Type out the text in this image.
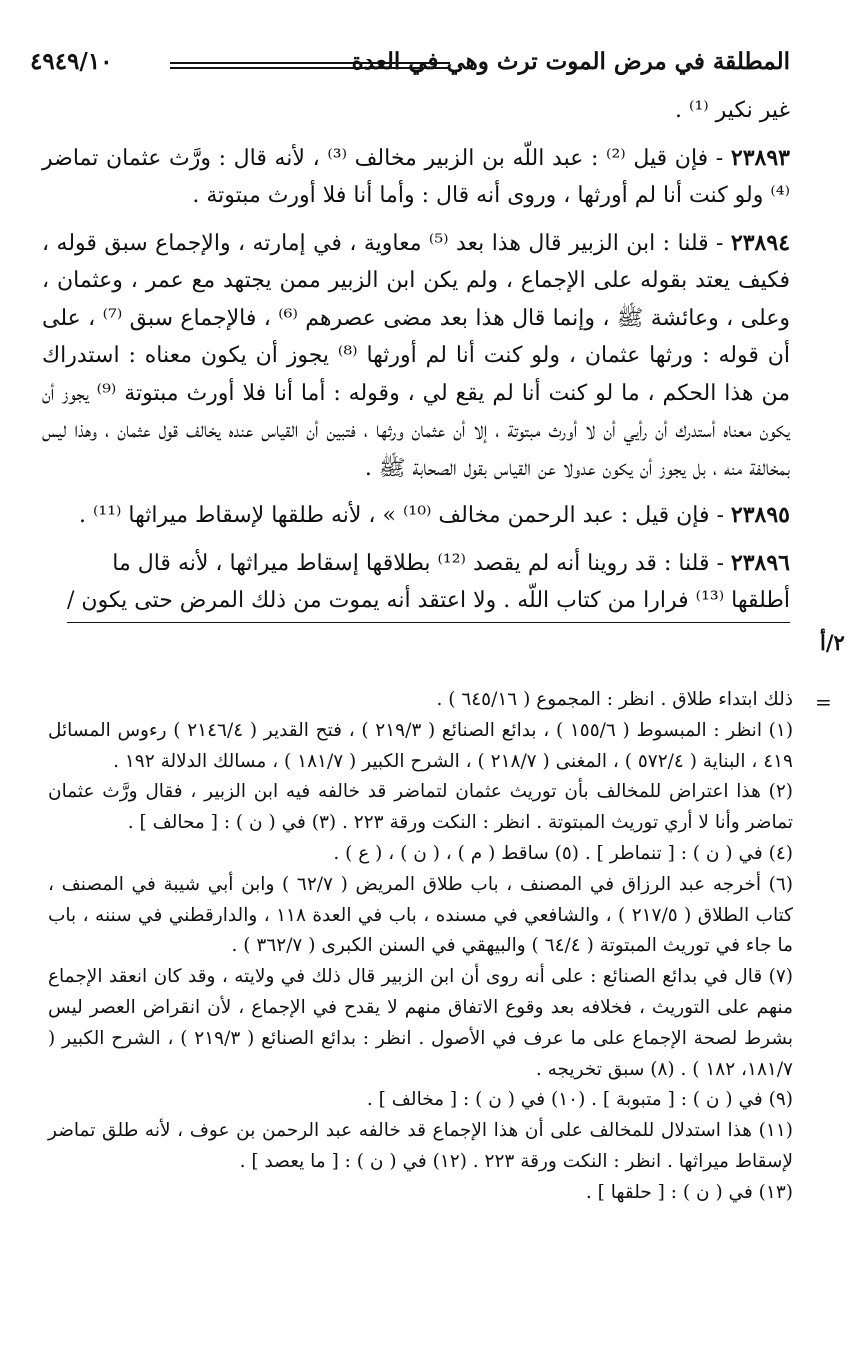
المطلقة في مرض الموت ترث وهي في العدة
٤٩٤٩/١٠

غير نكير ⁽¹⁾ .

٢٣٨٩٣ - فإن قيل ⁽²⁾ : عبد اللّه بن الزبير مخالف ⁽³⁾ ، لأنه قال : ورَّث عثمان تماضر ⁽⁴⁾ ولو كنت أنا لم أورثها ، وروى أنه قال : وأما أنا فلا أورث مبتوتة .

٢٣٨٩٤ - قلنا : ابن الزبير قال هذا بعد ⁽⁵⁾ معاوية ، في إمارته ، والإجماع سبق قوله ، فكيف يعتد بقوله على الإجماع ، ولم يكن ابن الزبير ممن يجتهد مع عمر ، وعثمان ، وعلى ، وعائشة ﷺ ، وإنما قال هذا بعد مضى عصرهم ⁽⁶⁾ ، فالإجماع سبق ⁽⁷⁾ ، على أن قوله : ورثها عثمان ، ولو كنت أنا لم أورثها ⁽⁸⁾ يجوز أن يكون معناه : استدراك من هذا الحكم ، ما لو كنت أنا لم يقع لي ، وقوله : أما أنا فلا أورث مبتوتة ⁽⁹⁾ يجوز أن يكون معناه أستدرك أن رأيي أن لا أورث مبتوتة ، إلا أن عثمان ورثها ، فتبين أن القياس عنده يخالف قول عثمان ، وهذا ليس بمخالفة منه ، بل يجوز أن يكون عدولا عن القياس بقول الصحابة ﷺ .

٢٣٨٩٥ - فإن قيل : عبد الرحمن مخالف ⁽¹⁰⁾ » ، لأنه طلقها لإسقاط ميراثها ⁽¹¹⁾ .

٢٣٨٩٦ - قلنا : قد روينا أنه لم يقصد ⁽¹²⁾ بطلاقها إسقاط ميراثها ، لأنه قال ما
أطلقها ⁽¹³⁾ فرارا من كتاب اللّه . ولا اعتقد أنه يموت من ذلك المرض حتى يكون /

٢/أ
=
ذلك ابتداء طلاق . انظر : المجموع ( ٦٤٥/١٦ ) .
(١) انظر : المبسوط ( ١٥٥/٦ ) ، بدائع الصنائع ( ٢١٩/٣ ) ، فتح القدير ( ٢١٤٦/٤ ) رءوس المسائل ٤١٩ ، البناية ( ٥٧٢/٤ ) ، المغنى ( ٢١٨/٧ ) ، الشرح الكبير ( ١٨١/٧ ) ، مسالك الدلالة ١٩٢ .
(٢) هذا اعتراض للمخالف بأن توريث عثمان لتماضر قد خالفه فيه ابن الزبير ، فقال ورَّث عثمان تماضر وأنا لا أري توريث المبتوتة . انظر : النكت ورقة ٢٢٣ . (٣) في ( ن ) : [ محالف ] .
(٤) في ( ن ) : [ تنماطر ] . (٥) ساقط ( م ) ، ( ن ) ، ( ع ) .
(٦) أخرجه عبد الرزاق في المصنف ، باب طلاق المريض ( ٦٢/٧ ) وابن أبي شيبة في المصنف ، كتاب الطلاق ( ٢١٧/٥ ) ، والشافعي في مسنده ، باب في العدة ١١٨ ، والدارقطني في سننه ، باب ما جاء في توريث المبتوتة ( ٦٤/٤ ) والبيهقي في السنن الكبرى ( ٣٦٢/٧ ) .
(٧) قال في بدائع الصنائع : على أنه روى أن ابن الزبير قال ذلك في ولايته ، وقد كان انعقد الإجماع منهم على التوريث ، فخلافه بعد وقوع الاتفاق منهم لا يقدح في الإجماع ، لأن انقراض العصر ليس بشرط لصحة الإجماع على ما عرف في الأصول . انظر : بدائع الصنائع ( ٢١٩/٣ ) ، الشرح الكبير ( ١٨١/٧، ١٨٢ ) . (٨) سبق تخريجه .
(٩) في ( ن ) : [ متبوبة ] . (١٠) في ( ن ) : [ مخالف ] .
(١١) هذا استدلال للمخالف على أن هذا الإجماع قد خالفه عبد الرحمن بن عوف ، لأنه طلق تماضر لإسقاط ميراثها . انظر : النكت ورقة ٢٢٣ . (١٢) في ( ن ) : [ ما يعصد ] .
(١٣) في ( ن ) : [ حلقها ] .
